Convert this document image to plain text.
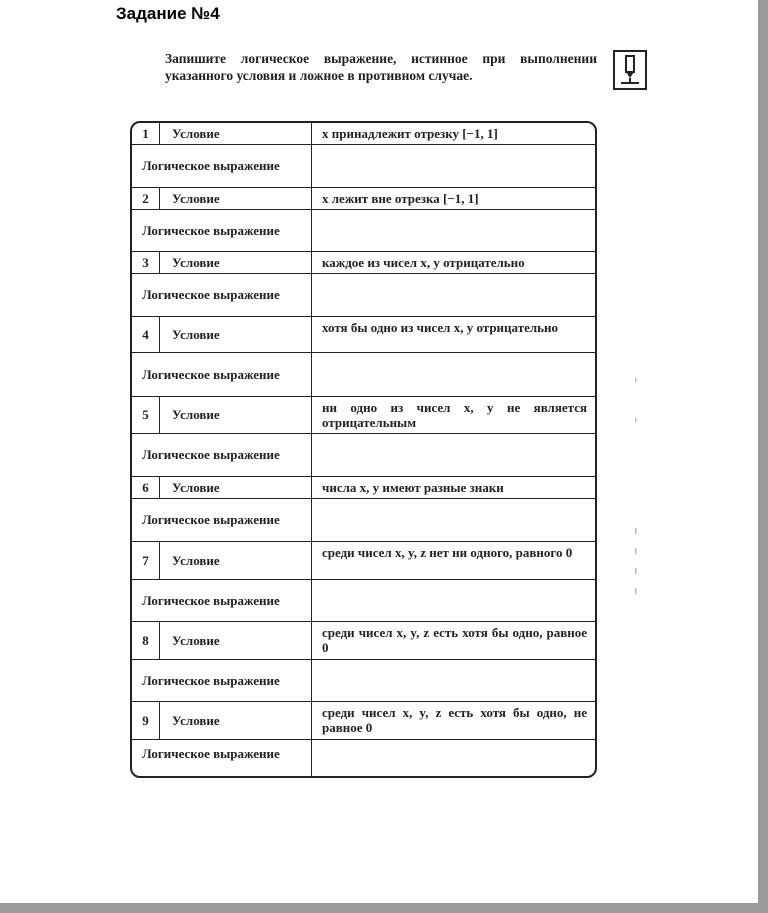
Задание №4
Запишите логическое выражение, истинное при выполнении указанного условия и ложное в противном случае.
1	Условие	x принадлежит отрезку [−1, 1]
Логическое выражение
2	Условие	x лежит вне отрезка [−1, 1]
Логическое выражение
3	Условие	каждое из чисел x, y отрицательно
Логическое выражение
4	Условие	хотя бы одно из чисел x, y отрицательно
Логическое выражение
5	Условие	ни одно из чисел x, y не является отрицательным
Логическое выражение
6	Условие	числа x, y имеют разные знаки
Логическое выражение
7	Условие	среди чисел x, y, z нет ни одного, равного 0
Логическое выражение
8	Условие	среди чисел x, y, z есть хотя бы одно, равное 0
Логическое выражение
9	Условие	среди чисел x, y, z есть хотя бы одно, не равное 0
Логическое выражение
